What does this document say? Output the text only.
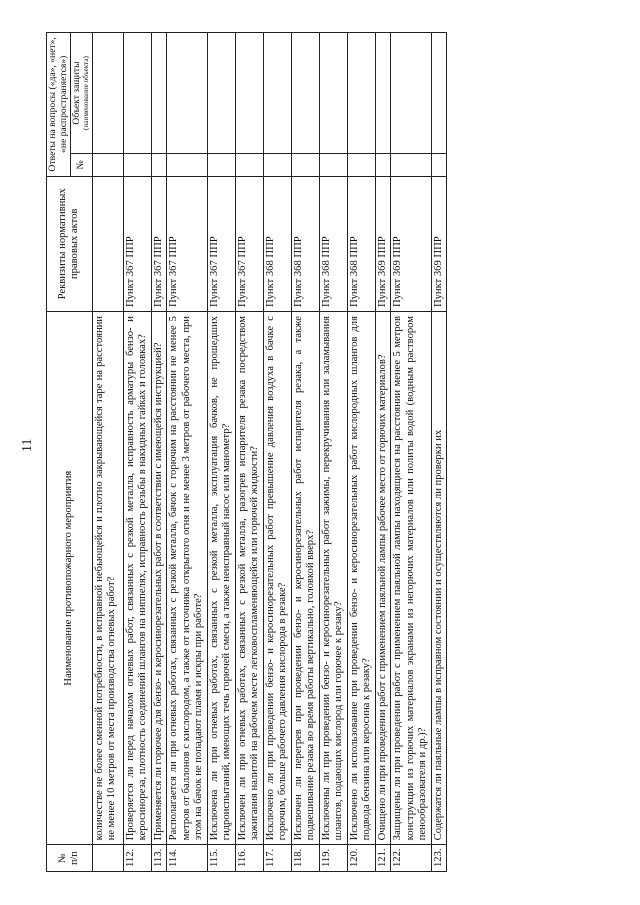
11
№
п/п	Наименование противопожарного мероприятия	Реквизиты нормативных правовых актов	Ответы на вопросы («да», «нет», «не распространяется»)	
			№	Объект защиты (наименование объекта)

	количестве не более сменной потребности, в исправной небьющейся и плотно закрывающейся таре на расстоянии не менее 10 метров от места производства огневых работ?			
112.	Проверяется ли перед началом огневых работ, связанных с резкой металла, исправность арматуры бензо- и керосинореза, плотность соединений шлангов на ниппелях, исправность резьбы в накидных гайках и головках?	Пункт 367 ППР		
113.	Применяется ли горючее для бензо- и керосинорезательных работ в соответствии с имеющейся инструкцией?	Пункт 367 ППР		
114.	Располагается ли при огневых работах, связанных с резкой металла, бачок с горючим на расстоянии не менее 5 метров от баллонов с кислородом, а также от источника открытого огня и не менее 3 метров от рабочего места, при этом на бачок не попадают пламя и искры при работе?	Пункт 367 ППР		
115.	Исключена ли при огневых работах, связанных с резкой металла, эксплуатация бачков, не прошедших гидроиспытаний, имеющих течь горючей смеси, а также неисправный насос или манометр?	Пункт 367 ППР		
116.	Исключен ли при огневых работах, связанных с резкой металла, разогрев испарителя резака посредством зажигания налитой на рабочем месте легковоспламеняющейся или горючей жидкости?	Пункт 367 ППР		
117.	Исключено ли при проведении бензо- и керосинорезательных работ превышение давления воздуха в бачке с горючим, больше рабочего давления кислорода в резаке?	Пункт 368 ППР		
118.	Исключен ли перегрев при проведении бензо- и керосинорезательных работ испарителя резака, а также подвешивание резака во время работы вертикально, головкой вверх?	Пункт 368 ППР		
119.	Исключены ли при проведении бензо- и керосинорезательных работ зажимы, перекручивания или заламывания шлангов, подающих кислород или горючее к резаку?	Пункт 368 ППР		
120.	Исключено ли использование при проведении бензо- и керосинорезательных работ кислородных шлангов для подвода бензина или керосина к резаку?	Пункт 368 ППР		
121.	Очищено ли при проведении работ с применением паяльной лампы рабочее место от горючих материалов?	Пункт 369 ППР		
122.	Защищены ли при проведении работ с применением паяльной лампы находящиеся на расстоянии менее 5 метров конструкции из горючих материалов экранами из негорючих материалов или политы водой (водным раствором пенообразователя и др.)?	Пункт 369 ППР		
123.	Содержатся ли паяльные лампы в исправном состоянии и осуществляются ли проверки их	Пункт 369 ППР		
